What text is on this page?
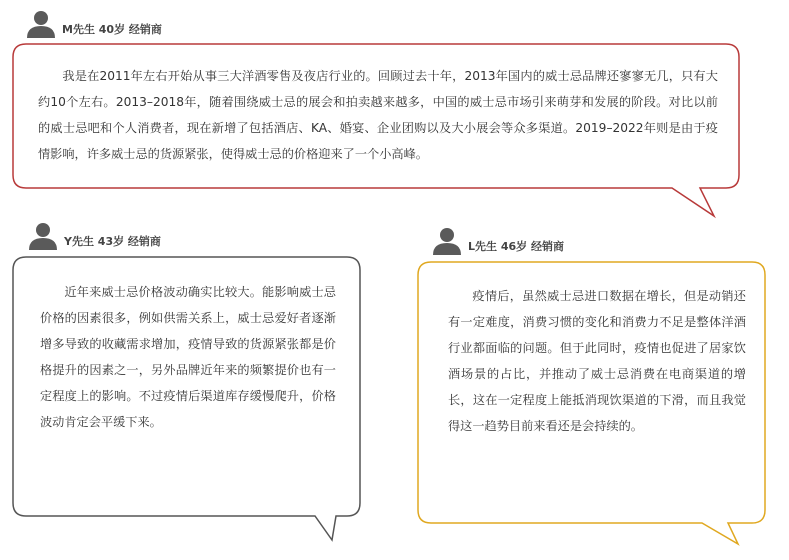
M先生 40岁 经销商

我是在2011年左右开始从事三大洋酒零售及夜店行业的。回顾过去十年，2013年国内的威士忌品牌还寥寥无几，只有大约10个左右。2013–2018年，随着围绕威士忌的展会和拍卖越来越多，中国的威士忌市场引来萌芽和发展的阶段。对比以前的威士忌吧和个人消费者，现在新增了包括酒店、KA、婚宴、企业团购以及大小展会等众多渠道。2019–2022年则是由于疫情影响，许多威士忌的货源紧张，使得威士忌的价格迎来了一个小高峰。

Y先生 43岁 经销商

近年来威士忌价格波动确实比较大。能影响威士忌价格的因素很多，例如供需关系上，威士忌爱好者逐渐增多导致的收藏需求增加，疫情导致的货源紧张都是价格提升的因素之一，另外品牌近年来的频繁提价也有一定程度上的影响。不过疫情后渠道库存缓慢爬升，价格波动肯定会平缓下来。

L先生 46岁 经销商

疫情后，虽然威士忌进口数据在增长，但是动销还有一定难度，消费习惯的变化和消费力不足是整体洋酒行业都面临的问题。但于此同时，疫情也促进了居家饮酒场景的占比，并推动了威士忌消费在电商渠道的增长，这在一定程度上能抵消现饮渠道的下滑，而且我觉得这一趋势目前来看还是会持续的。
